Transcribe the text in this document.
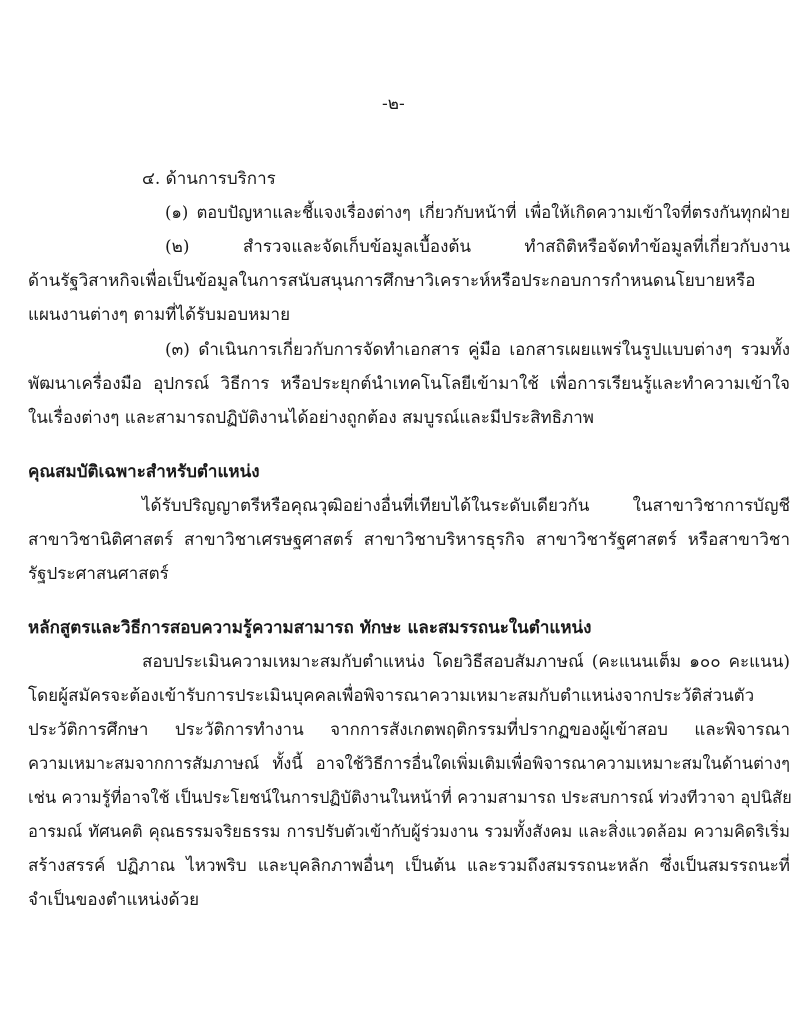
-๒-

๔. ด้านการบริการ

(๑) ตอบปัญหาและชี้แจงเรื่องต่างๆ เกี่ยวกับหน้าที่ เพื่อให้เกิดความเข้าใจที่ตรงกันทุกฝ่าย

(๒) สำรวจและจัดเก็บข้อมูลเบื้องต้น ทำสถิติหรือจัดทำข้อมูลที่เกี่ยวกับงาน

ด้านรัฐวิสาหกิจเพื่อเป็นข้อมูลในการสนับสนุนการศึกษาวิเคราะห์หรือประกอบการกำหนดนโยบายหรือ

แผนงานต่างๆ ตามที่ได้รับมอบหมาย

(๓) ดำเนินการเกี่ยวกับการจัดทำเอกสาร คู่มือ เอกสารเผยแพร่ในรูปแบบต่างๆ รวมทั้ง

พัฒนาเครื่องมือ อุปกรณ์ วิธีการ หรือประยุกต์นำเทคโนโลยีเข้ามาใช้ เพื่อการเรียนรู้และทำความเข้าใจ

ในเรื่องต่างๆ และสามารถปฏิบัติงานได้อย่างถูกต้อง สมบูรณ์และมีประสิทธิภาพ

คุณสมบัติเฉพาะสำหรับตำแหน่ง

ได้รับปริญญาตรีหรือคุณวุฒิอย่างอื่นที่เทียบได้ในระดับเดียวกัน ในสาขาวิชาการบัญชี

สาขาวิชานิติศาสตร์ สาขาวิชาเศรษฐศาสตร์ สาขาวิชาบริหารธุรกิจ สาขาวิชารัฐศาสตร์ หรือสาขาวิชา

รัฐประศาสนศาสตร์

หลักสูตรและวิธีการสอบความรู้ความสามารถ ทักษะ และสมรรถนะในตำแหน่ง

สอบประเมินความเหมาะสมกับตำแหน่ง โดยวิธีสอบสัมภาษณ์ (คะแนนเต็ม ๑๐๐ คะแนน)

โดยผู้สมัครจะต้องเข้ารับการประเมินบุคคลเพื่อพิจารณาความเหมาะสมกับตำแหน่งจากประวัติส่วนตัว

ประวัติการศึกษา ประวัติการทำงาน จากการสังเกตพฤติกรรมที่ปรากฏของผู้เข้าสอบ และพิจารณา

ความเหมาะสมจากการสัมภาษณ์ ทั้งนี้ อาจใช้วิธีการอื่นใดเพิ่มเติมเพื่อพิจารณาความเหมาะสมในด้านต่างๆ

เช่น ความรู้ที่อาจใช้ เป็นประโยชน์ในการปฏิบัติงานในหน้าที่ ความสามารถ ประสบการณ์ ท่วงทีวาจา อุปนิสัย

อารมณ์ ทัศนคติ คุณธรรมจริยธรรม การปรับตัวเข้ากับผู้ร่วมงาน รวมทั้งสังคม และสิ่งแวดล้อม ความคิดริเริ่ม

สร้างสรรค์ ปฏิภาณ ไหวพริบ และบุคลิกภาพอื่นๆ เป็นต้น และรวมถึงสมรรถนะหลัก ซึ่งเป็นสมรรถนะที่

จำเป็นของตำแหน่งด้วย
